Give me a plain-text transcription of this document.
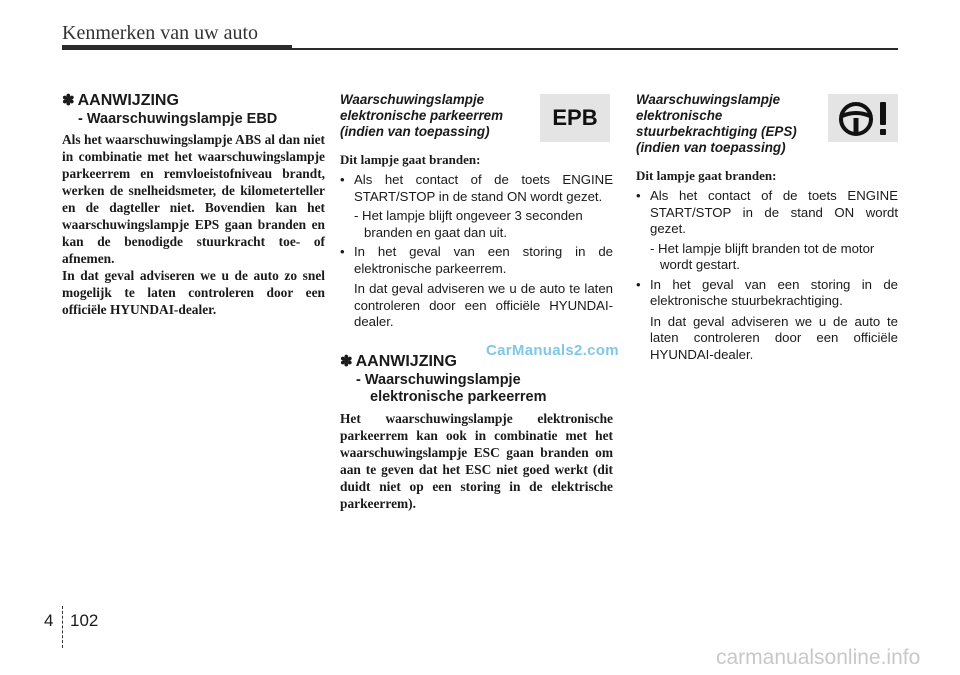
Kenmerken van uw auto

✽ AANWIJZING

- Waarschuwingslampje EBD

Als het waarschuwingslampje ABS al dan niet in combinatie met het waarschuwingslampje parkeerrem en remvloeistofniveau brandt, werken de snelheidsmeter, de kilometerteller en de dagteller niet. Bovendien kan het waarschuwingslampje EPS gaan branden en kan de benodigde stuurkracht toe- of afnemen.

In dat geval adviseren we u de auto zo snel mogelijk te laten controleren door een officiële HYUNDAI-dealer.

Waarschuwingslampje elektronische parkeerrem (indien van toepassing)

Dit lampje gaat branden:

• Als het contact of de toets ENGINE START/STOP in de stand ON wordt gezet.
- Het lampje blijft ongeveer 3 seconden branden en gaat dan uit.
• In het geval van een storing in de elektronische parkeerrem.
In dat geval adviseren we u de auto te laten controleren door een officiële HYUNDAI-dealer.

✽ AANWIJZING

- Waarschuwingslampje

elektronische parkeerrem

Het waarschuwingslampje elektronische parkeerrem kan ook in combinatie met het waarschuwingslampje ESC gaan branden om aan te geven dat het ESC niet goed werkt (dit duidt niet op een storing in de elektrische parkeerrem).

EPB

Waarschuwingslampje elektronische stuurbekrachtiging (EPS) (indien van toepassing)

Dit lampje gaat branden:

• Als het contact of de toets ENGINE START/STOP in de stand ON wordt gezet.
- Het lampje blijft branden tot de motor wordt gestart.
• In het geval van een storing in de elektronische stuurbekrachtiging.
In dat geval adviseren we u de auto te laten controleren door een officiële HYUNDAI-dealer.
CarManuals2.com
4 102
carmanualsonline.info
